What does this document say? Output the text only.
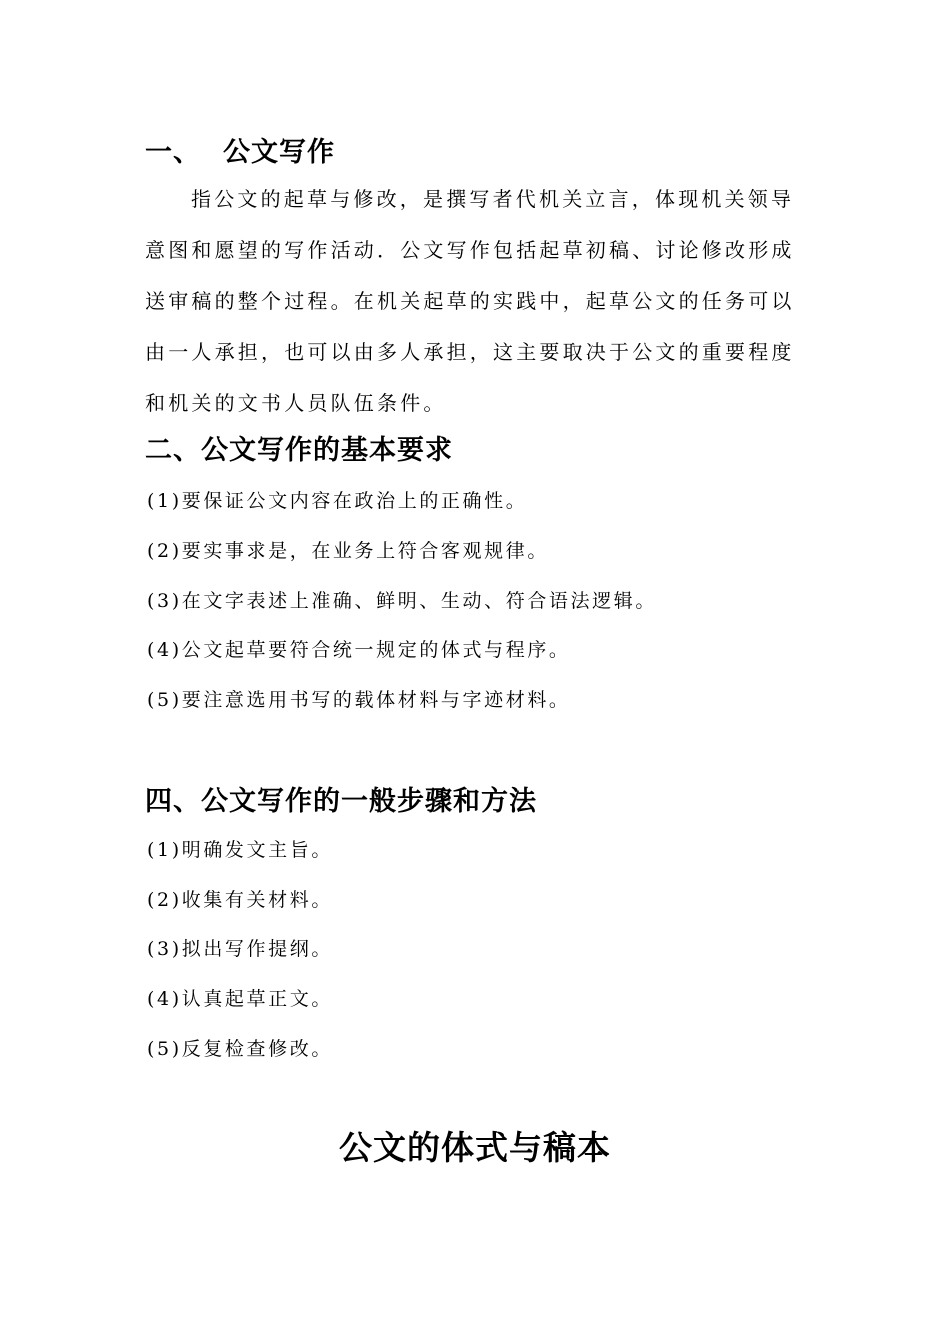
一、 公文写作

指公文的起草与修改，是撰写者代机关立言，体现机关领导意图和愿望的写作活动．公文写作包括起草初稿、讨论修改形成送审稿的整个过程。在机关起草的实践中，起草公文的任务可以由一人承担，也可以由多人承担，这主要取决于公文的重要程度和机关的文书人员队伍条件。

二、公文写作的基本要求
(1)要保证公文内容在政治上的正确性。
(2)要实事求是，在业务上符合客观规律。
(3)在文字表述上准确、鲜明、生动、符合语法逻辑。
(4)公文起草要符合统一规定的体式与程序。
(5)要注意选用书写的载体材料与字迹材料。
四、公文写作的一般步骤和方法
(1)明确发文主旨。
(2)收集有关材料。
(3)拟出写作提纲。
(4)认真起草正文。
(5)反复检查修改。
公文的体式与稿本
